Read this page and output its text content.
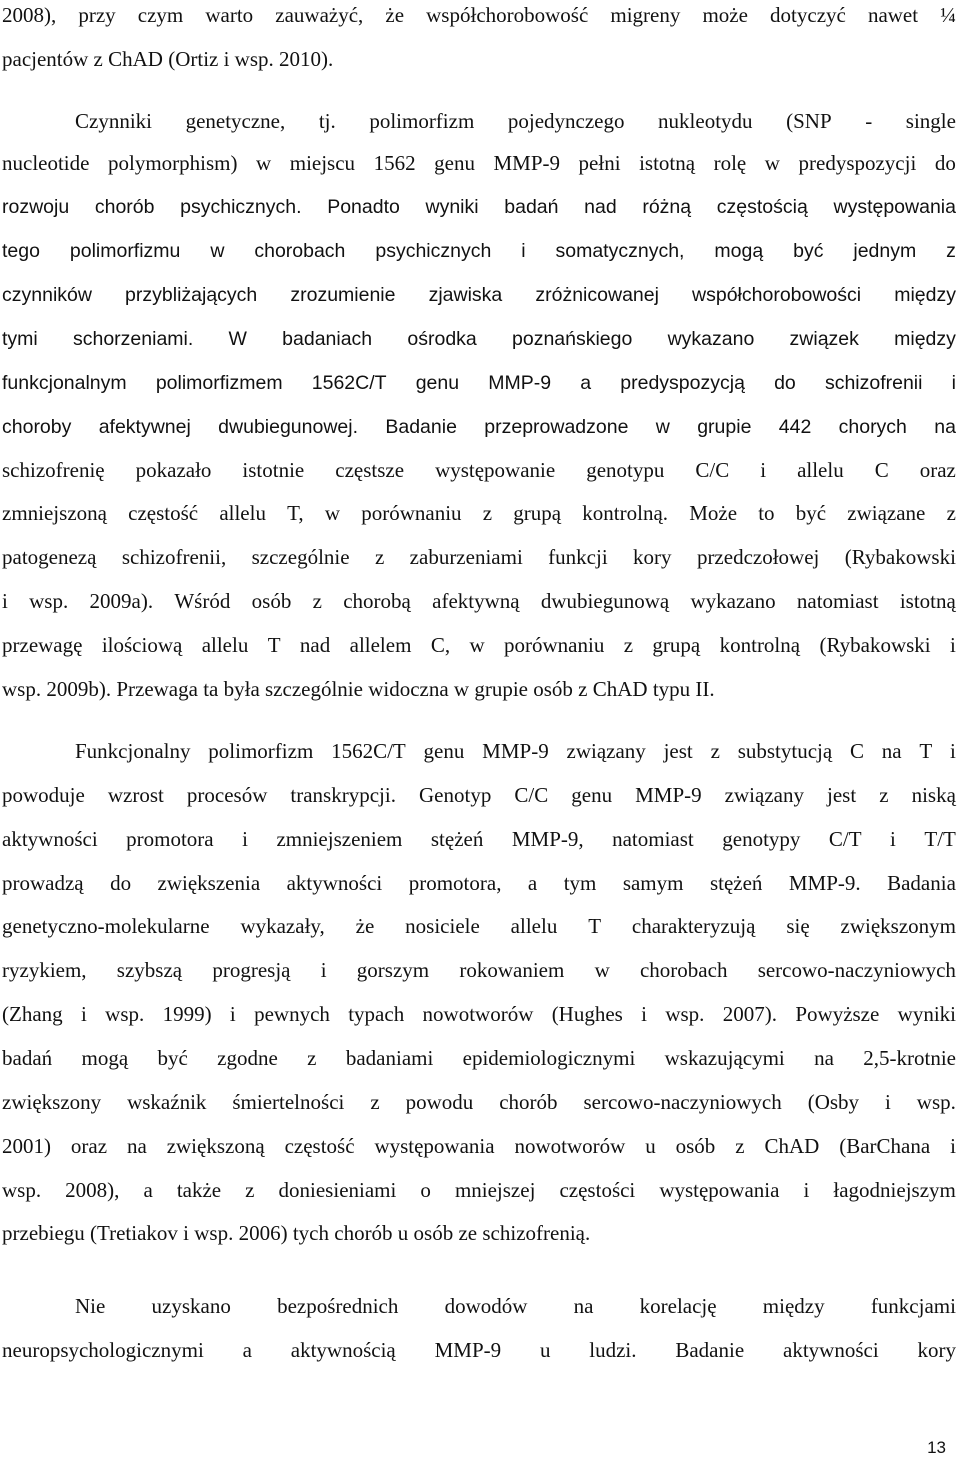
2008), przy czym warto zauważyć, że współchorobowość migreny może dotyczyć nawet ¼
pacjentów z ChAD (Ortiz i wsp. 2010).
Czynniki genetyczne, tj. polimorfizm pojedynczego nukleotydu (SNP - single
nucleotide polymorphism) w miejscu 1562 genu MMP-9 pełni istotną rolę w predyspozycji do
rozwoju chorób psychicznych. Ponadto wyniki badań nad różną częstością występowania
tego polimorfizmu w chorobach psychicznych i somatycznych, mogą być jednym z
czynników przybliżających zrozumienie zjawiska zróżnicowanej współchorobowości między
tymi schorzeniami. W badaniach ośrodka poznańskiego wykazano związek między
funkcjonalnym polimorfizmem 1562C/T genu MMP-9 a predyspozycją do schizofrenii i
choroby afektywnej dwubiegunowej. Badanie przeprowadzone w grupie 442 chorych na
schizofrenię pokazało istotnie częstsze występowanie genotypu C/C i allelu C oraz
zmniejszoną częstość allelu T, w porównaniu z grupą kontrolną. Może to być związane z
patogenezą schizofrenii, szczególnie z zaburzeniami funkcji kory przedczołowej (Rybakowski
i wsp. 2009a). Wśród osób z chorobą afektywną dwubiegunową wykazano natomiast istotną
przewagę ilościową allelu T nad allelem C, w porównaniu z grupą kontrolną (Rybakowski i
wsp. 2009b). Przewaga ta była szczególnie widoczna w grupie osób z ChAD typu II.
Funkcjonalny polimorfizm 1562C/T genu MMP-9 związany jest z substytucją C na T i
powoduje wzrost procesów transkrypcji. Genotyp C/C genu MMP-9 związany jest z niską
aktywności promotora i zmniejszeniem stężeń MMP-9, natomiast genotypy C/T i T/T
prowadzą do zwiększenia aktywności promotora, a tym samym stężeń MMP-9. Badania
genetyczno-molekularne wykazały, że nosiciele allelu T charakteryzują się zwiększonym
ryzykiem, szybszą progresją i gorszym rokowaniem w chorobach sercowo-naczyniowych
(Zhang i wsp. 1999) i pewnych typach nowotworów (Hughes i wsp. 2007). Powyższe wyniki
badań mogą być zgodne z badaniami epidemiologicznymi wskazującymi na 2,5-krotnie
zwiększony wskaźnik śmiertelności z powodu chorób sercowo-naczyniowych (Osby i wsp.
2001) oraz na zwiększoną częstość występowania nowotworów u osób z ChAD (BarChana i
wsp. 2008), a także z doniesieniami o mniejszej częstości występowania i łagodniejszym
przebiegu (Tretiakov i wsp. 2006) tych chorób u osób ze schizofrenią.
Nie uzyskano bezpośrednich dowodów na korelację między funkcjami
neuropsychologicznymi a aktywnością MMP-9 u ludzi. Badanie aktywności kory
13
